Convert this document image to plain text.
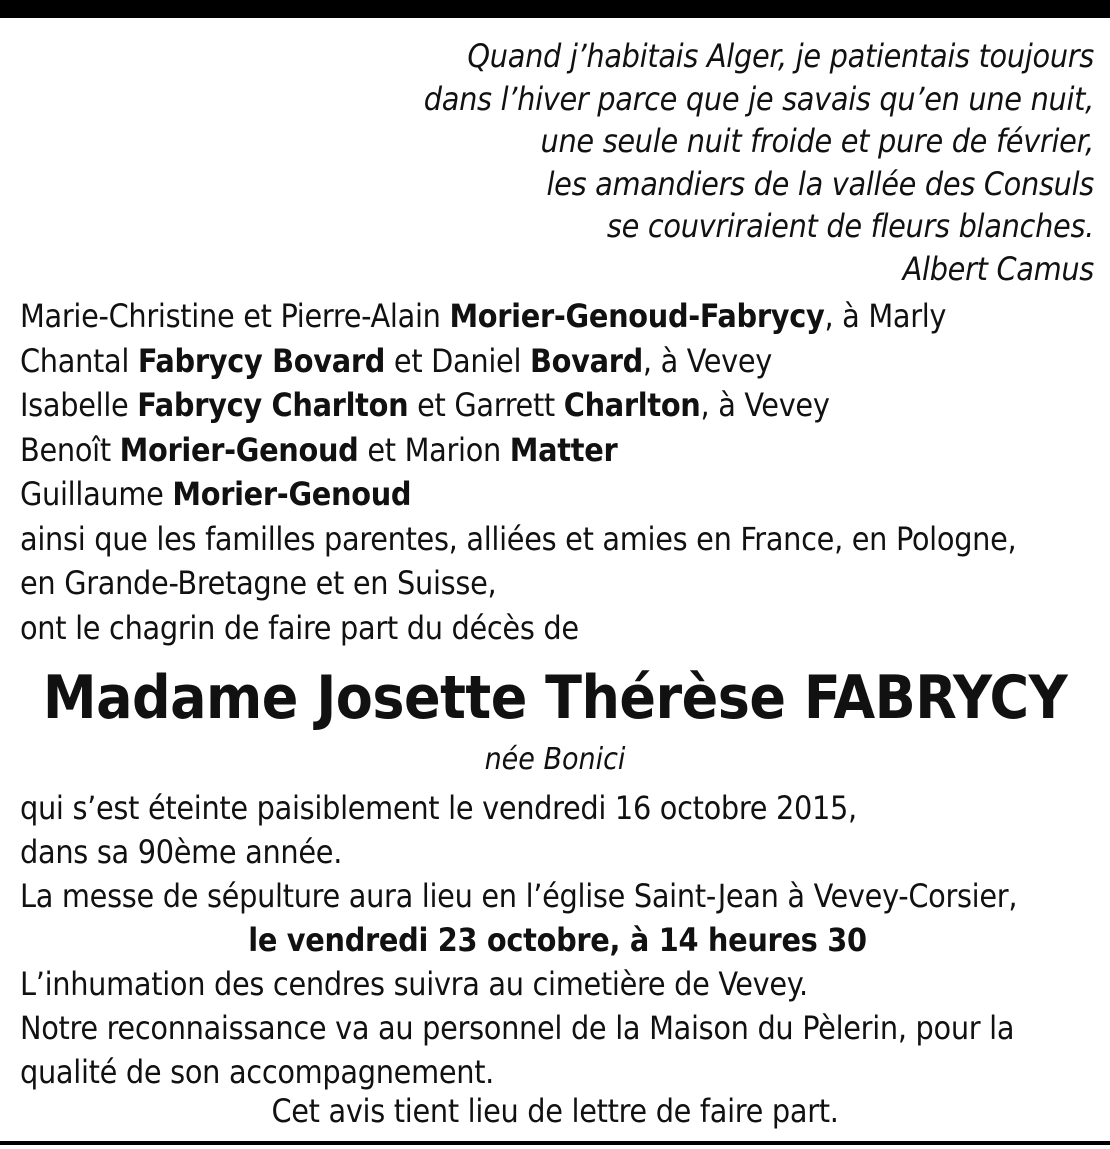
Quand j’habitais Alger, je patientais toujours
dans l’hiver parce que je savais qu’en une nuit,
une seule nuit froide et pure de février,
les amandiers de la vallée des Consuls
se couvriraient de fleurs blanches.
Albert Camus
Marie-Christine et Pierre-Alain Morier-Genoud-Fabrycy, à Marly
Chantal Fabrycy Bovard et Daniel Bovard, à Vevey
Isabelle Fabrycy Charlton et Garrett Charlton, à Vevey
Benoît Morier-Genoud et Marion Matter
Guillaume Morier-Genoud
ainsi que les familles parentes, alliées et amies en France, en Pologne,
en Grande-Bretagne et en Suisse,
ont le chagrin de faire part du décès de
Madame Josette Thérèse FABRYCY
née Bonici
qui s’est éteinte paisiblement le vendredi 16 octobre 2015,
dans sa 90ème année.
La messe de sépulture aura lieu en l’église Saint-Jean à Vevey-Corsier,
le vendredi 23 octobre, à 14 heures 30
L’inhumation des cendres suivra au cimetière de Vevey.
Notre reconnaissance va au personnel de la Maison du Pèlerin, pour la
qualité de son accompagnement.
Cet avis tient lieu de lettre de faire part.
